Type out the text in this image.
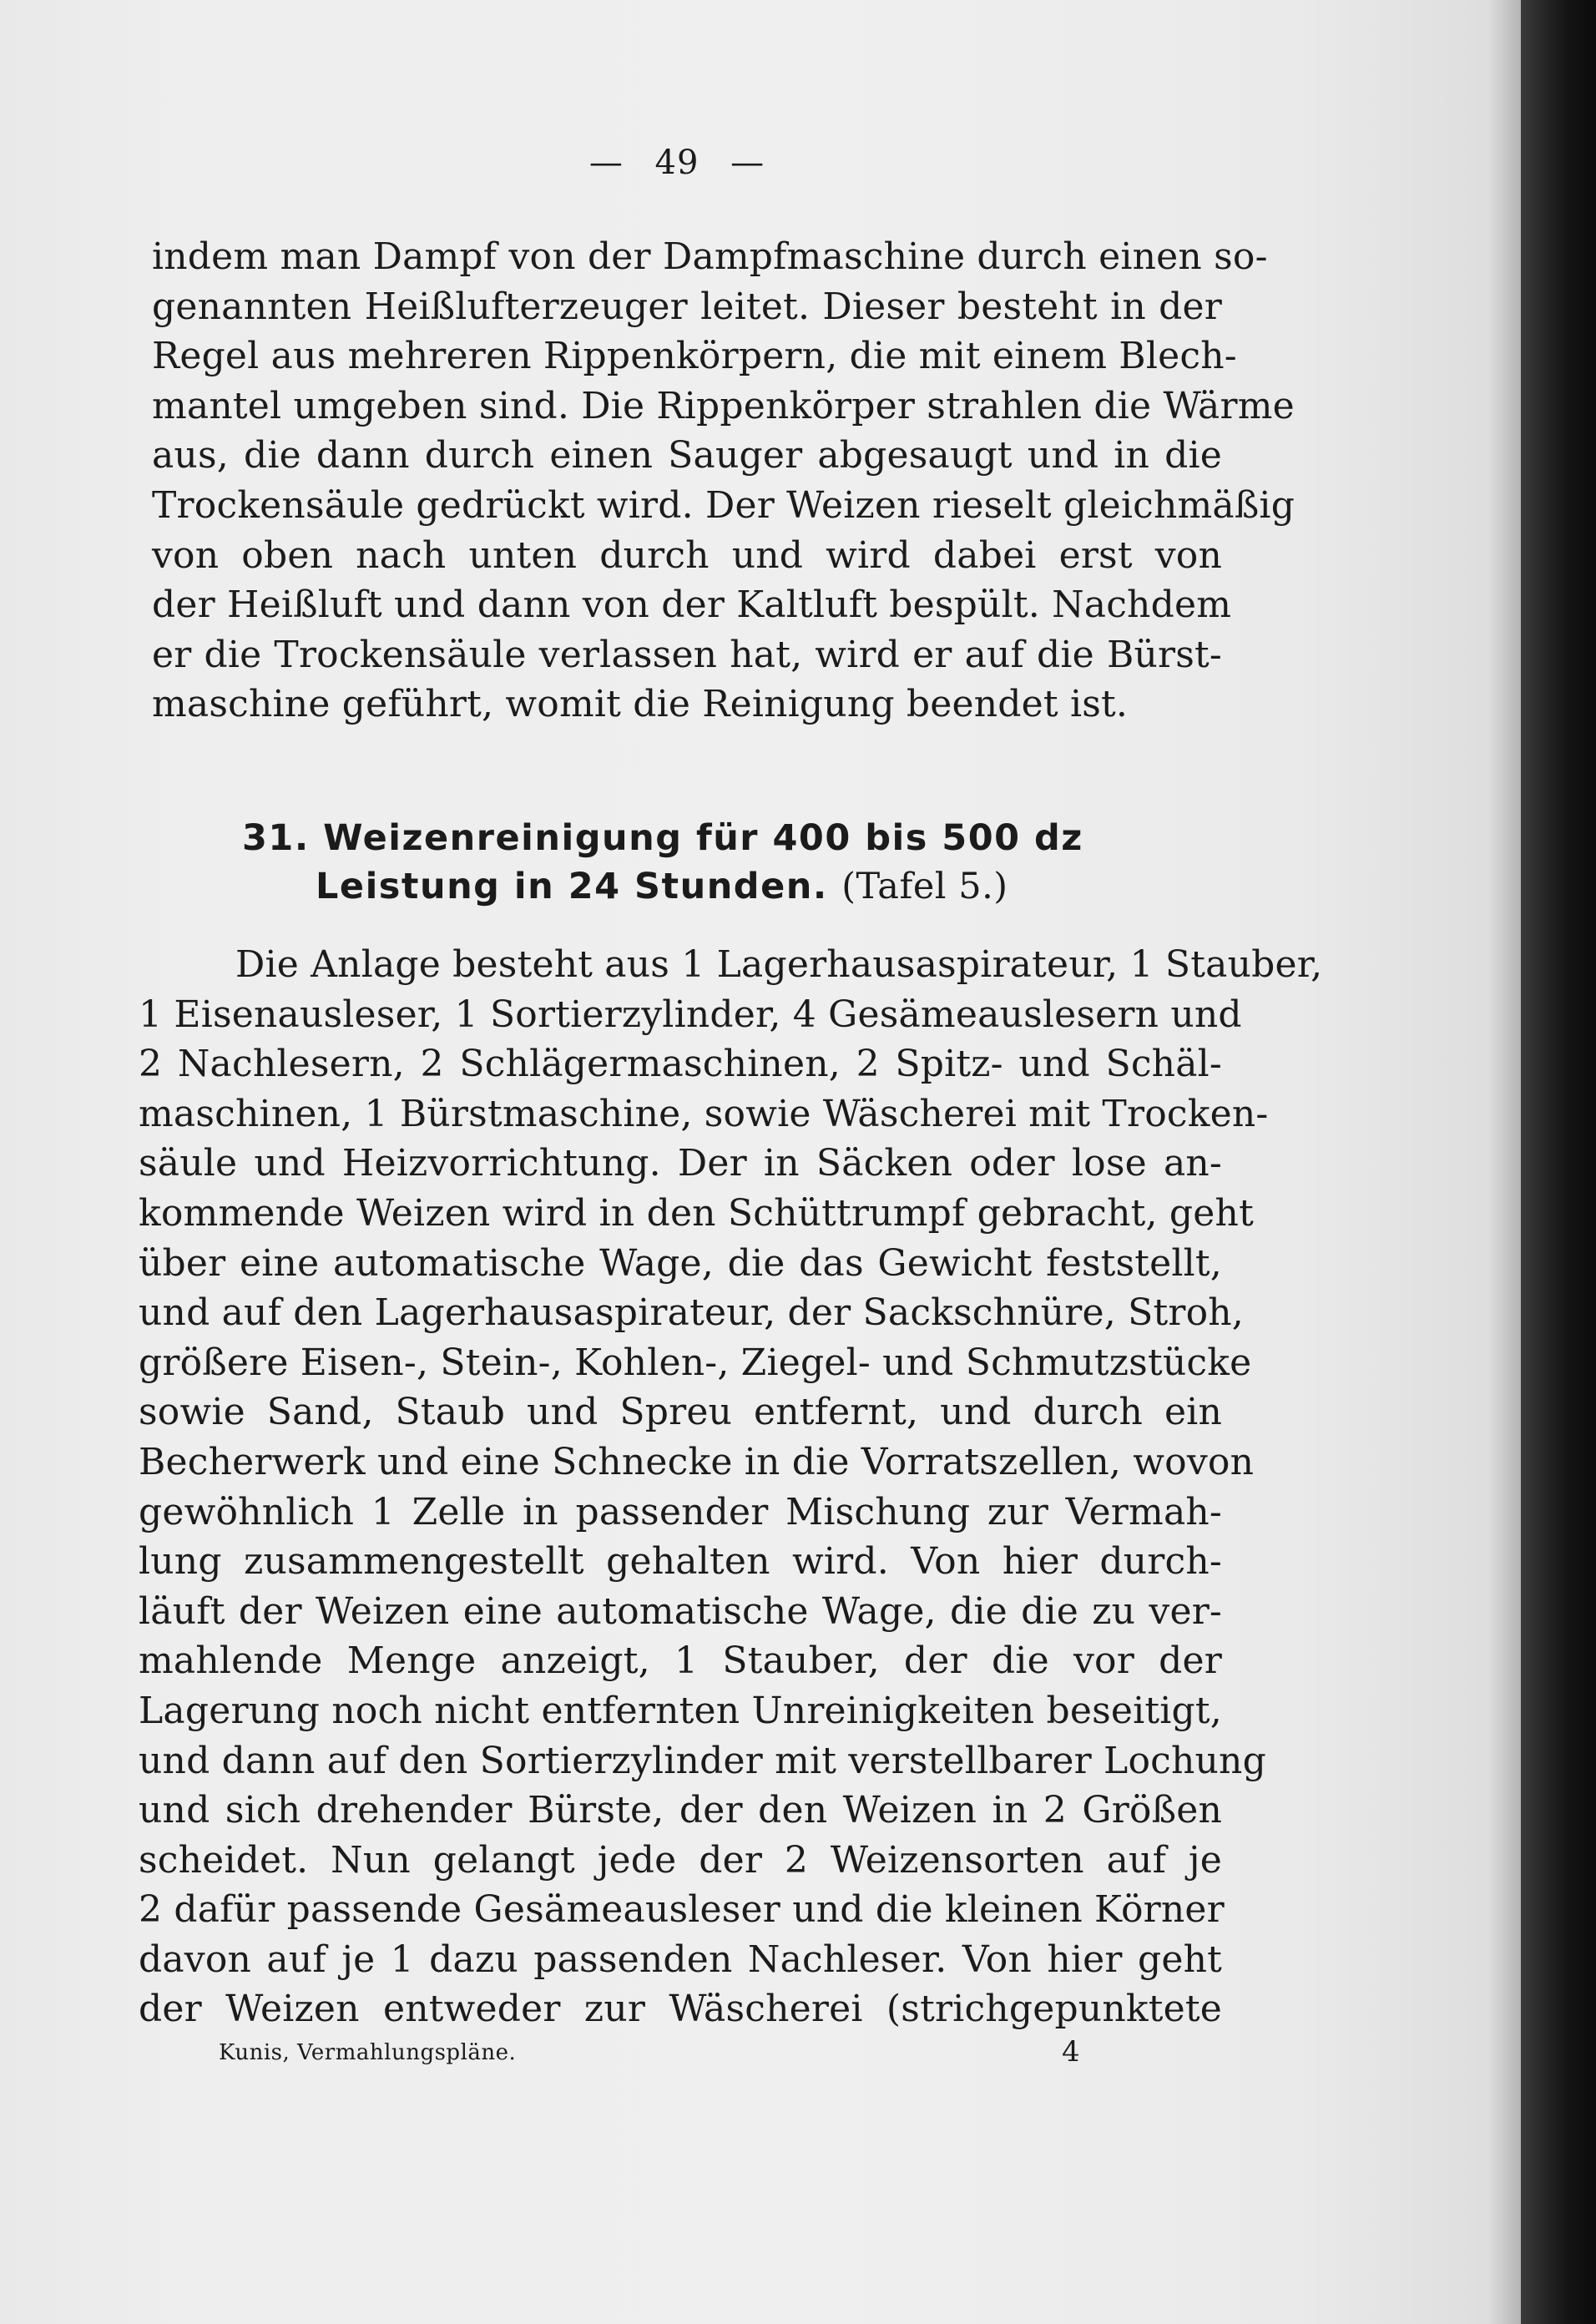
— 49 —
indem man Dampf von der Dampfmaschine durch einen so-
genannten Heißlufterzeuger leitet. Dieser besteht in der
Regel aus mehreren Rippenkörpern, die mit einem Blech-
mantel umgeben sind. Die Rippenkörper strahlen die Wärme
aus, die dann durch einen Sauger abgesaugt und in die
Trockensäule gedrückt wird. Der Weizen rieselt gleichmäßig
von oben nach unten durch und wird dabei erst von
der Heißluft und dann von der Kaltluft bespült. Nachdem
er die Trockensäule verlassen hat, wird er auf die Bürst-
maschine geführt, womit die Reinigung beendet ist.
31. Weizenreinigung für 400 bis 500 dz
Leistung in 24 Stunden. (Tafel 5.)
Die Anlage besteht aus 1 Lagerhausaspirateur, 1 Stauber,
1 Eisenausleser, 1 Sortierzylinder, 4 Gesämeauslesern und
2 Nachlesern, 2 Schlägermaschinen, 2 Spitz- und Schäl-
maschinen, 1 Bürstmaschine, sowie Wäscherei mit Trocken-
säule und Heizvorrichtung. Der in Säcken oder lose an-
kommende Weizen wird in den Schüttrumpf gebracht, geht
über eine automatische Wage, die das Gewicht feststellt,
und auf den Lagerhausaspirateur, der Sackschnüre, Stroh,
größere Eisen-, Stein-, Kohlen-, Ziegel- und Schmutzstücke
sowie Sand, Staub und Spreu entfernt, und durch ein
Becherwerk und eine Schnecke in die Vorratszellen, wovon
gewöhnlich 1 Zelle in passender Mischung zur Vermah-
lung zusammengestellt gehalten wird. Von hier durch-
läuft der Weizen eine automatische Wage, die die zu ver-
mahlende Menge anzeigt, 1 Stauber, der die vor der
Lagerung noch nicht entfernten Unreinigkeiten beseitigt,
und dann auf den Sortierzylinder mit verstellbarer Lochung
und sich drehender Bürste, der den Weizen in 2 Größen
scheidet. Nun gelangt jede der 2 Weizensorten auf je
2 dafür passende Gesämeausleser und die kleinen Körner
davon auf je 1 dazu passenden Nachleser. Von hier geht
der Weizen entweder zur Wäscherei (strichgepunktete
Kunis, Vermahlungspläne.	4
